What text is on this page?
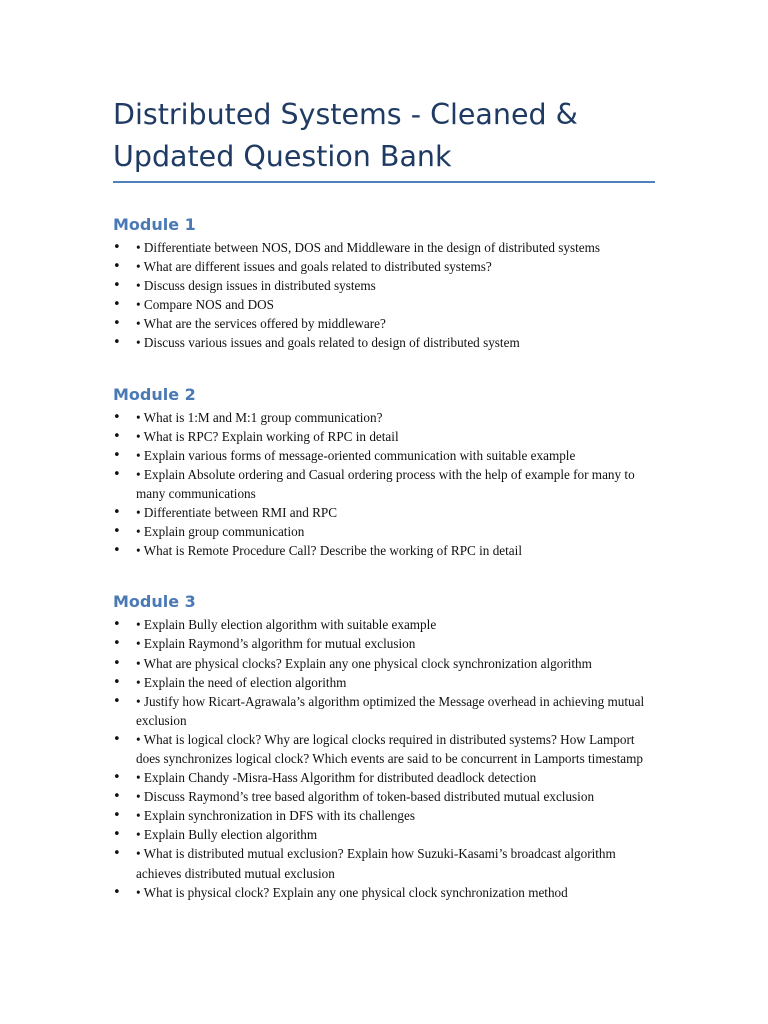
Distributed Systems - Cleaned & Updated Question Bank
Module 1
• • Differentiate between NOS, DOS and Middleware in the design of distributed systems
• • What are different issues and goals related to distributed systems?
• • Discuss design issues in distributed systems
• • Compare NOS and DOS
• • What are the services offered by middleware?
• • Discuss various issues and goals related to design of distributed system
Module 2
• • What is 1:M and M:1 group communication?
• • What is RPC? Explain working of RPC in detail
• • Explain various forms of message-oriented communication with suitable example
• • Explain Absolute ordering and Casual ordering process with the help of example for many to many communications
• • Differentiate between RMI and RPC
• • Explain group communication
• • What is Remote Procedure Call? Describe the working of RPC in detail
Module 3
• • Explain Bully election algorithm with suitable example
• • Explain Raymond’s algorithm for mutual exclusion
• • What are physical clocks? Explain any one physical clock synchronization algorithm
• • Explain the need of election algorithm
• • Justify how Ricart-Agrawala’s algorithm optimized the Message overhead in achieving mutual exclusion
• • What is logical clock? Why are logical clocks required in distributed systems? How Lamport does synchronizes logical clock? Which events are said to be concurrent in Lamports timestamp
• • Explain Chandy -Misra-Hass Algorithm for distributed deadlock detection
• • Discuss Raymond’s tree based algorithm of token-based distributed mutual exclusion
• • Explain synchronization in DFS with its challenges
• • Explain Bully election algorithm
• • What is distributed mutual exclusion? Explain how Suzuki-Kasami’s broadcast algorithm achieves distributed mutual exclusion
• • What is physical clock? Explain any one physical clock synchronization method
